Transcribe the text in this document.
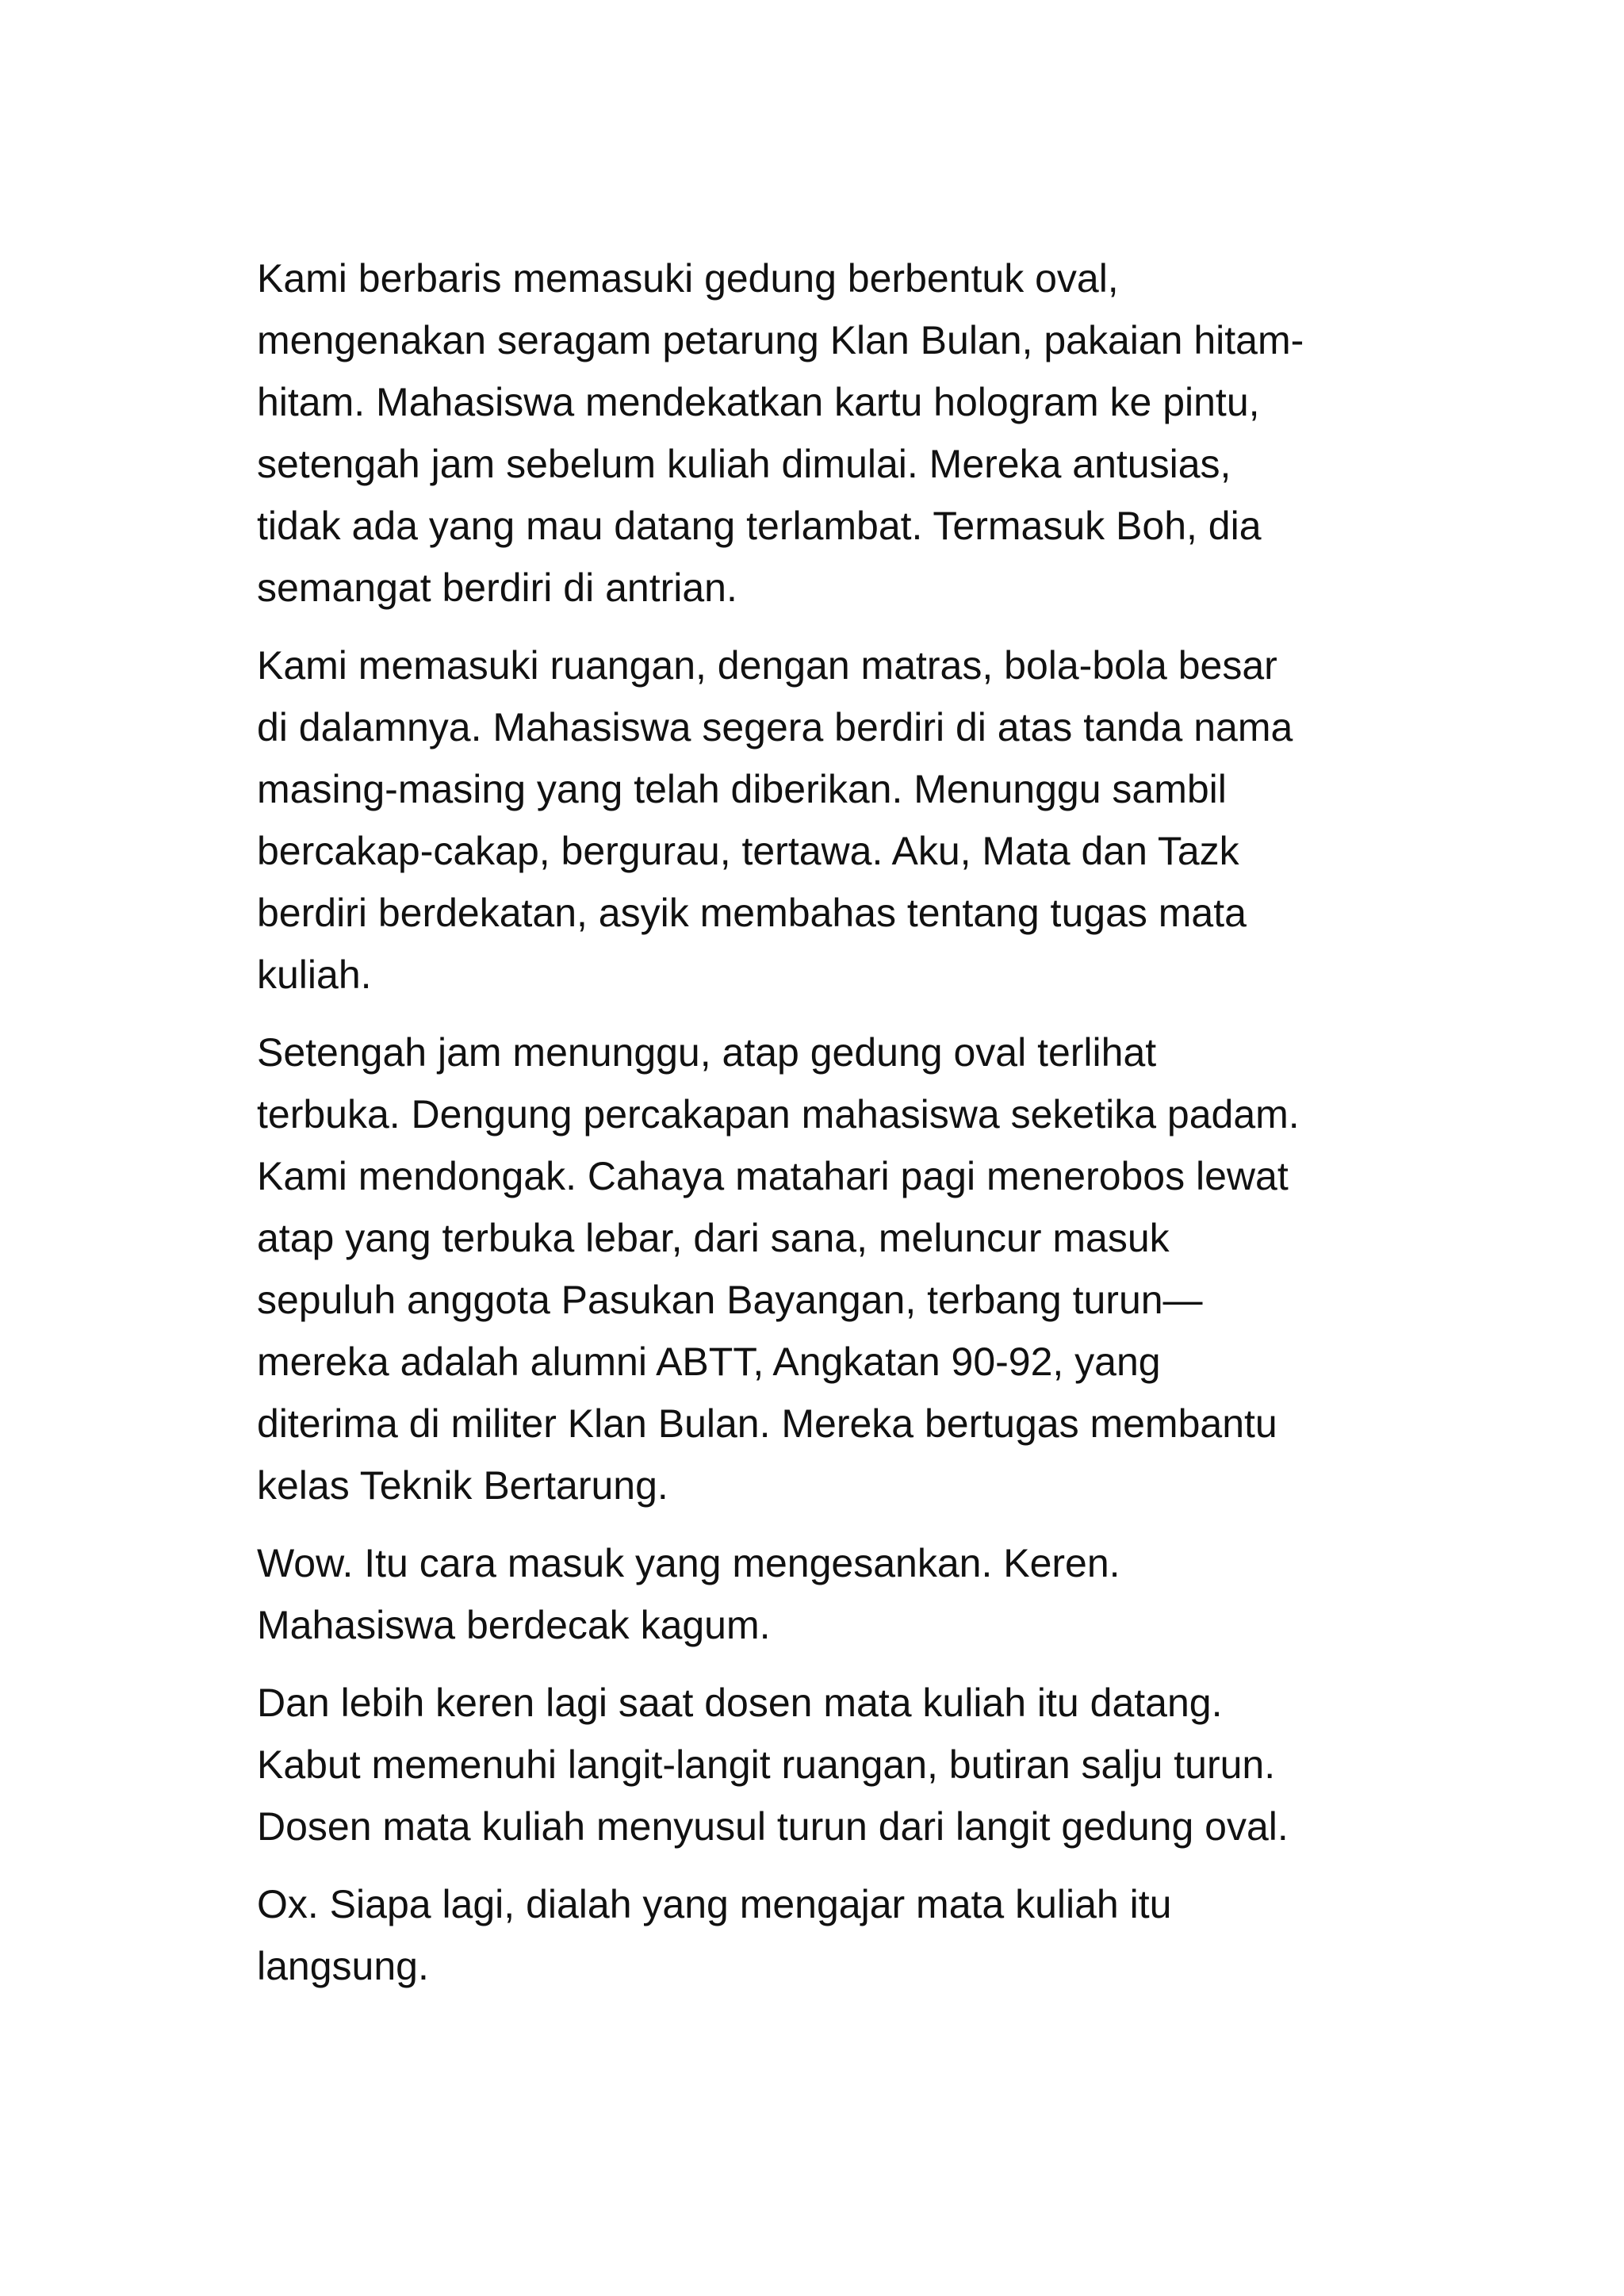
Kami berbaris memasuki gedung berbentuk oval,
mengenakan seragam petarung Klan Bulan, pakaian hitam-
hitam. Mahasiswa mendekatkan kartu hologram ke pintu,
setengah jam sebelum kuliah dimulai. Mereka antusias,
tidak ada yang mau datang terlambat. Termasuk Boh, dia
semangat berdiri di antrian.

Kami memasuki ruangan, dengan matras, bola-bola besar
di dalamnya. Mahasiswa segera berdiri di atas tanda nama
masing-masing yang telah diberikan. Menunggu sambil
bercakap-cakap, bergurau, tertawa. Aku, Mata dan Tazk
berdiri berdekatan, asyik membahas tentang tugas mata
kuliah.

Setengah jam menunggu, atap gedung oval terlihat
terbuka. Dengung percakapan mahasiswa seketika padam.
Kami mendongak. Cahaya matahari pagi menerobos lewat
atap yang terbuka lebar, dari sana, meluncur masuk
sepuluh anggota Pasukan Bayangan, terbang turun—
mereka adalah alumni ABTT, Angkatan 90-92, yang
diterima di militer Klan Bulan. Mereka bertugas membantu
kelas Teknik Bertarung.

Wow. Itu cara masuk yang mengesankan. Keren.
Mahasiswa berdecak kagum.

Dan lebih keren lagi saat dosen mata kuliah itu datang.
Kabut memenuhi langit-langit ruangan, butiran salju turun.
Dosen mata kuliah menyusul turun dari langit gedung oval.

Ox. Siapa lagi, dialah yang mengajar mata kuliah itu
langsung.
